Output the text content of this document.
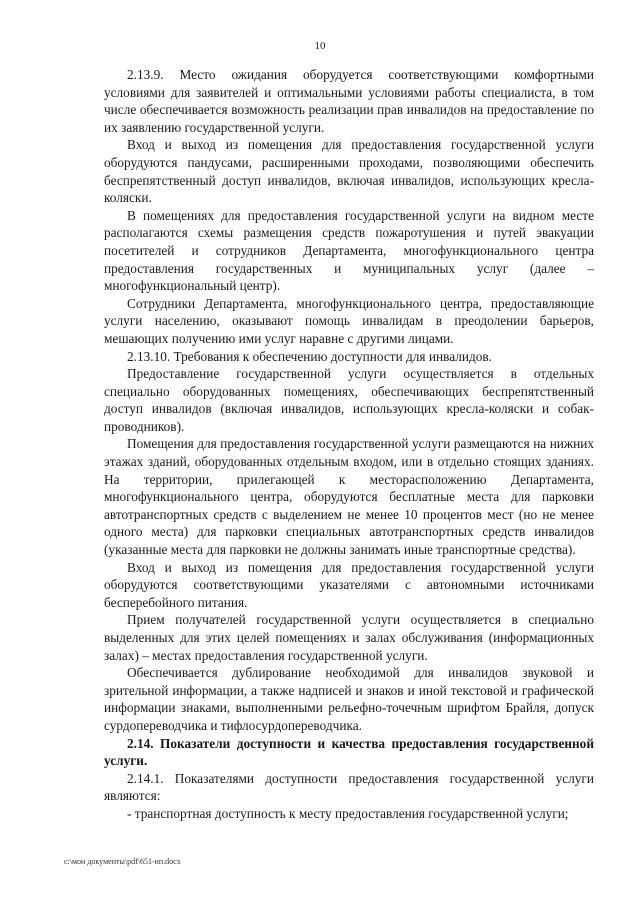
10

2.13.9. Место ожидания оборудуется соответствующими комфортными условиями для заявителей и оптимальными условиями работы специалиста, в том числе обеспечивается возможность реализации прав инвалидов на предоставление по их заявлению государственной услуги.

Вход и выход из помещения для предоставления государственной услуги оборудуются пандусами, расширенными проходами, позволяющими обеспечить беспрепятственный доступ инвалидов, включая инвалидов, использующих кресла-коляски.

В помещениях для предоставления государственной услуги на видном месте располагаются схемы размещения средств пожаротушения и путей эвакуации посетителей и сотрудников Департамента, многофункционального центра предоставления государственных и муниципальных услуг (далее – многофункциональный центр).

Сотрудники Департамента, многофункционального центра, предоставляющие услуги населению, оказывают помощь инвалидам в преодолении барьеров, мешающих получению ими услуг наравне с другими лицами.

2.13.10. Требования к обеспечению доступности для инвалидов.

Предоставление государственной услуги осуществляется в отдельных специально оборудованных помещениях, обеспечивающих беспрепятственный доступ инвалидов (включая инвалидов, использующих кресла-коляски и собак-проводников).

Помещения для предоставления государственной услуги размещаются на нижних этажах зданий, оборудованных отдельным входом, или в отдельно стоящих зданиях. На территории, прилегающей к месторасположению Департамента, многофункционального центра, оборудуются бесплатные места для парковки автотранспортных средств с выделением не менее 10 процентов мест (но не менее одного места) для парковки специальных автотранспортных средств инвалидов (указанные места для парковки не должны занимать иные транспортные средства).

Вход и выход из помещения для предоставления государственной услуги оборудуются соответствующими указателями с автономными источниками бесперебойного питания.

Прием получателей государственной услуги осуществляется в специально выделенных для этих целей помещениях и залах обслуживания (информационных залах) – местах предоставления государственной услуги.

Обеспечивается дублирование необходимой для инвалидов звуковой и зрительной информации, а также надписей и знаков и иной текстовой и графической информации знаками, выполненными рельефно-точечным шрифтом Брайля, допуск сурдопереводчика и тифлосурдопереводчика.

2.14. Показатели доступности и качества предоставления государственной услуги.

2.14.1. Показателями доступности предоставления государственной услуги являются:

- транспортная доступность к месту предоставления государственной услуги;

c:\мои документы\pdf\651-ип.docx
